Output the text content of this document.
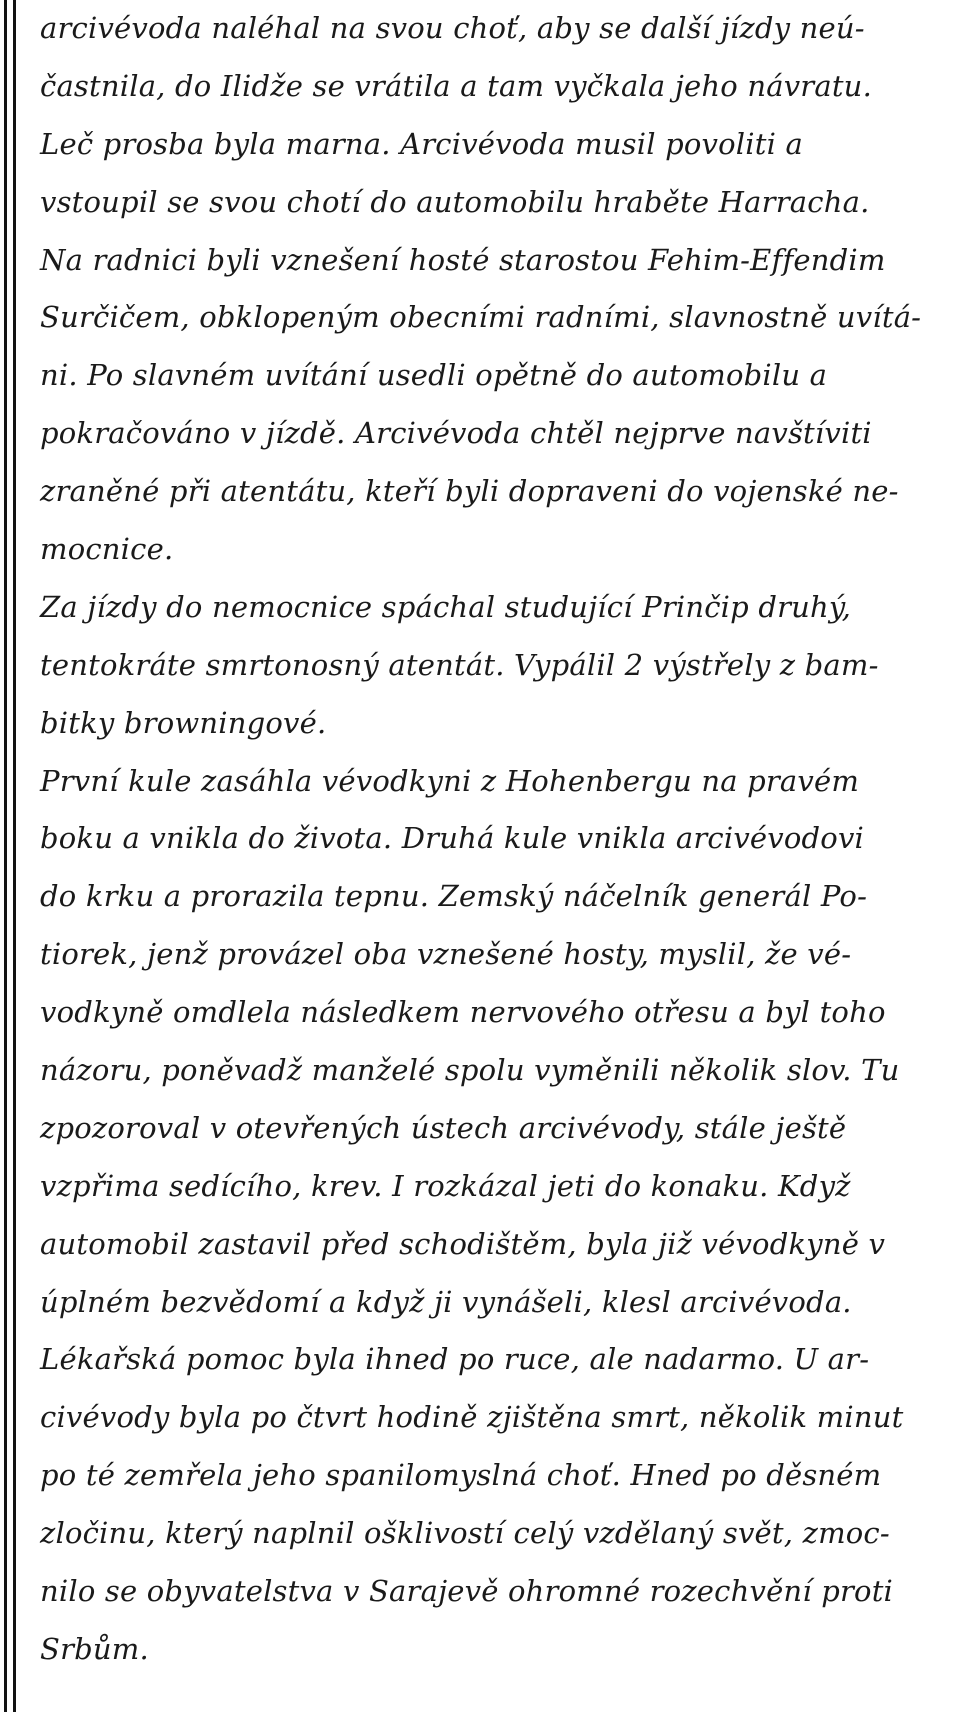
arcivévoda naléhal na svou choť, aby se další jízdy neú-
častnila, do Ilidže se vrátila a tam vyčkala jeho návratu.
Leč prosba byla marna. Arcivévoda musil povoliti a
vstoupil se svou chotí do automobilu hraběte Harracha.
Na radnici byli vznešení hosté starostou Fehim-Effendim
Surčičem, obklopeným obecními radními, slavnostně uvítá-
ni. Po slavném uvítání usedli opětně do automobilu a
pokračováno v jízdě. Arcivévoda chtěl nejprve navštíviti
zraněné při atentátu, kteří byli dopraveni do vojenské ne-
mocnice.
Za jízdy do nemocnice spáchal studující Prinčip druhý,
tentokráte smrtonosný atentát. Vypálil 2 výstřely z bam-
bitky browningové.
První kule zasáhla vévodkyni z Hohenbergu na pravém
boku a vnikla do života. Druhá kule vnikla arcivévodovi
do krku a prorazila tepnu. Zemský náčelník generál Po-
tiorek, jenž provázel oba vznešené hosty, myslil, že vé-
vodkyně omdlela následkem nervového otřesu a byl toho
názoru, poněvadž manželé spolu vyměnili několik slov. Tu
zpozoroval v otevřených ústech arcivévody, stále ještě
vzpřima sedícího, krev. I rozkázal jeti do konaku. Když
automobil zastavil před schodištěm, byla již vévodkyně v
úplném bezvědomí a když ji vynášeli, klesl arcivévoda.
Lékařská pomoc byla ihned po ruce, ale nadarmo. U ar-
civévody byla po čtvrt hodině zjištěna smrt, několik minut
po té zemřela jeho spanilomyslná choť. Hned po děsném
zločinu, který naplnil ošklivostí celý vzdělaný svět, zmoc-
nilo se obyvatelstva v Sarajevě ohromné rozechvění proti
Srbům.
